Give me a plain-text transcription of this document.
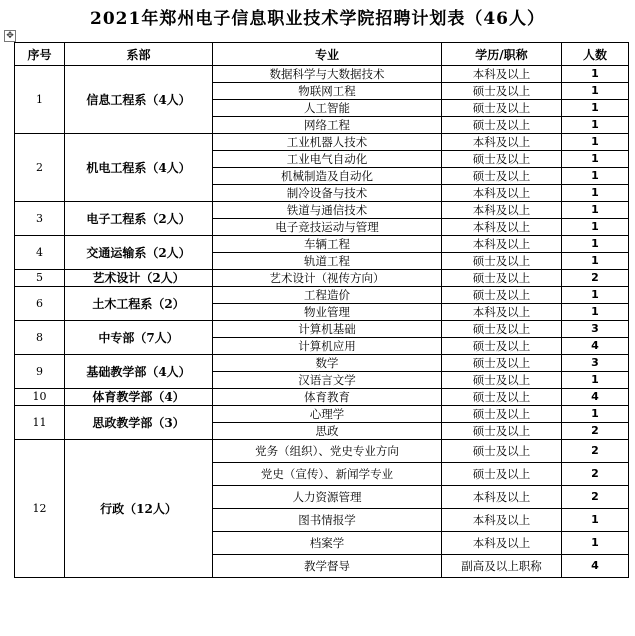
2021年郑州电子信息职业技术学院招聘计划表（46人）
✥
序号	系部	专业	学历/职称	人数
1	信息工程系（4人）	数据科学与大数据技术	本科及以上	1
		物联网工程	硕士及以上	1
		人工智能	硕士及以上	1
		网络工程	硕士及以上	1
2	机电工程系（4人）	工业机器人技术	本科及以上	1
		工业电气自动化	硕士及以上	1
		机械制造及自动化	硕士及以上	1
		制冷设备与技术	本科及以上	1
3	电子工程系（2人）	铁道与通信技术	本科及以上	1
		电子竞技运动与管理	本科及以上	1
4	交通运输系（2人）	车辆工程	本科及以上	1
		轨道工程	硕士及以上	1
5	艺术设计（2人）	艺术设计（视传方向）	硕士及以上	2
6	土木工程系（2）	工程造价	硕士及以上	1
		物业管理	本科及以上	1
8	中专部（7人）	计算机基础	硕士及以上	3
		计算机应用	硕士及以上	4
9	基础教学部（4人）	数学	硕士及以上	3
		汉语言文学	硕士及以上	1
10	体育教学部（4）	体育教育	硕士及以上	4
11	思政教学部（3）	心理学	硕士及以上	1
		思政	硕士及以上	2
12	行政（12人）	党务（组织）、党史专业方向	硕士及以上	2
		党史（宣传）、新闻学专业	硕士及以上	2
		人力资源管理	本科及以上	2
		图书情报学	本科及以上	1
		档案学	本科及以上	1
		教学督导	副高及以上职称	4
